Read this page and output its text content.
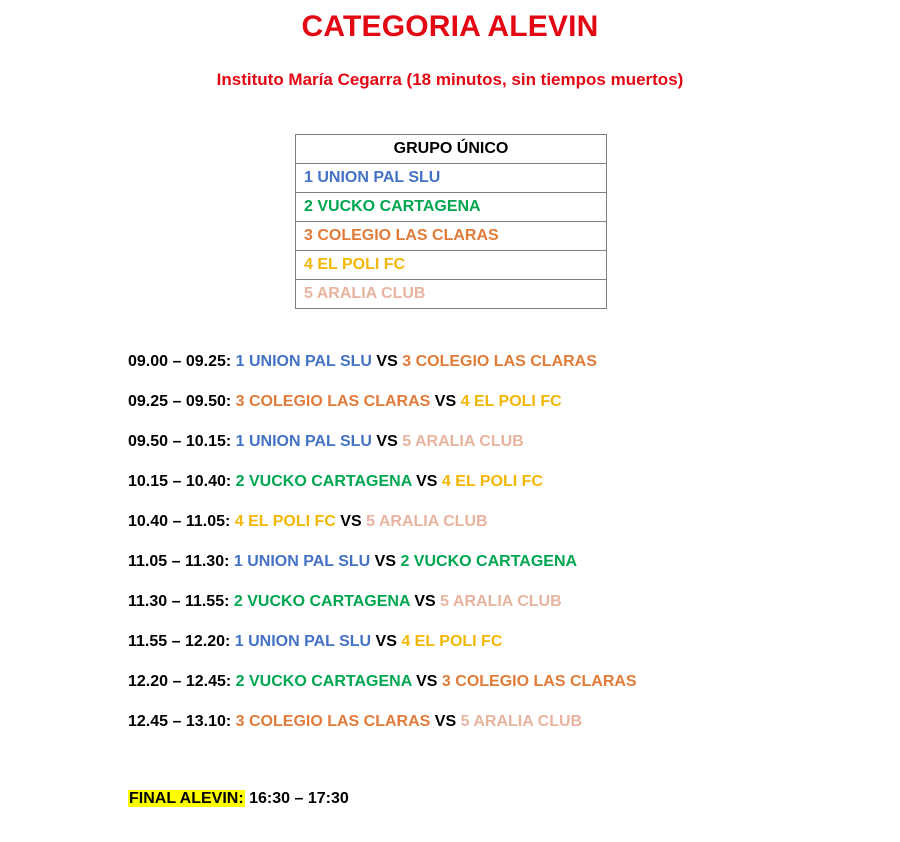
CATEGORIA ALEVIN
Instituto María Cegarra (18 minutos, sin tiempos muertos)
GRUPO ÚNICO
1 UNION PAL SLU
2 VUCKO CARTAGENA
3 COLEGIO LAS CLARAS
4 EL POLI FC
5 ARALIA CLUB
09.00 – 09.25: 1 UNION PAL SLU VS 3 COLEGIO LAS CLARAS
09.25 – 09.50: 3 COLEGIO LAS CLARAS VS 4 EL POLI FC
09.50 – 10.15: 1 UNION PAL SLU VS 5 ARALIA CLUB
10.15 – 10.40: 2 VUCKO CARTAGENA VS 4 EL POLI FC
10.40 – 11.05: 4 EL POLI FC VS 5 ARALIA CLUB
11.05 – 11.30: 1 UNION PAL SLU VS 2 VUCKO CARTAGENA
11.30 – 11.55: 2 VUCKO CARTAGENA VS 5 ARALIA CLUB
11.55 – 12.20: 1 UNION PAL SLU VS 4 EL POLI FC
12.20 – 12.45: 2 VUCKO CARTAGENA VS 3 COLEGIO LAS CLARAS
12.45 – 13.10: 3 COLEGIO LAS CLARAS VS 5 ARALIA CLUB
FINAL ALEVIN: 16:30 – 17:30
